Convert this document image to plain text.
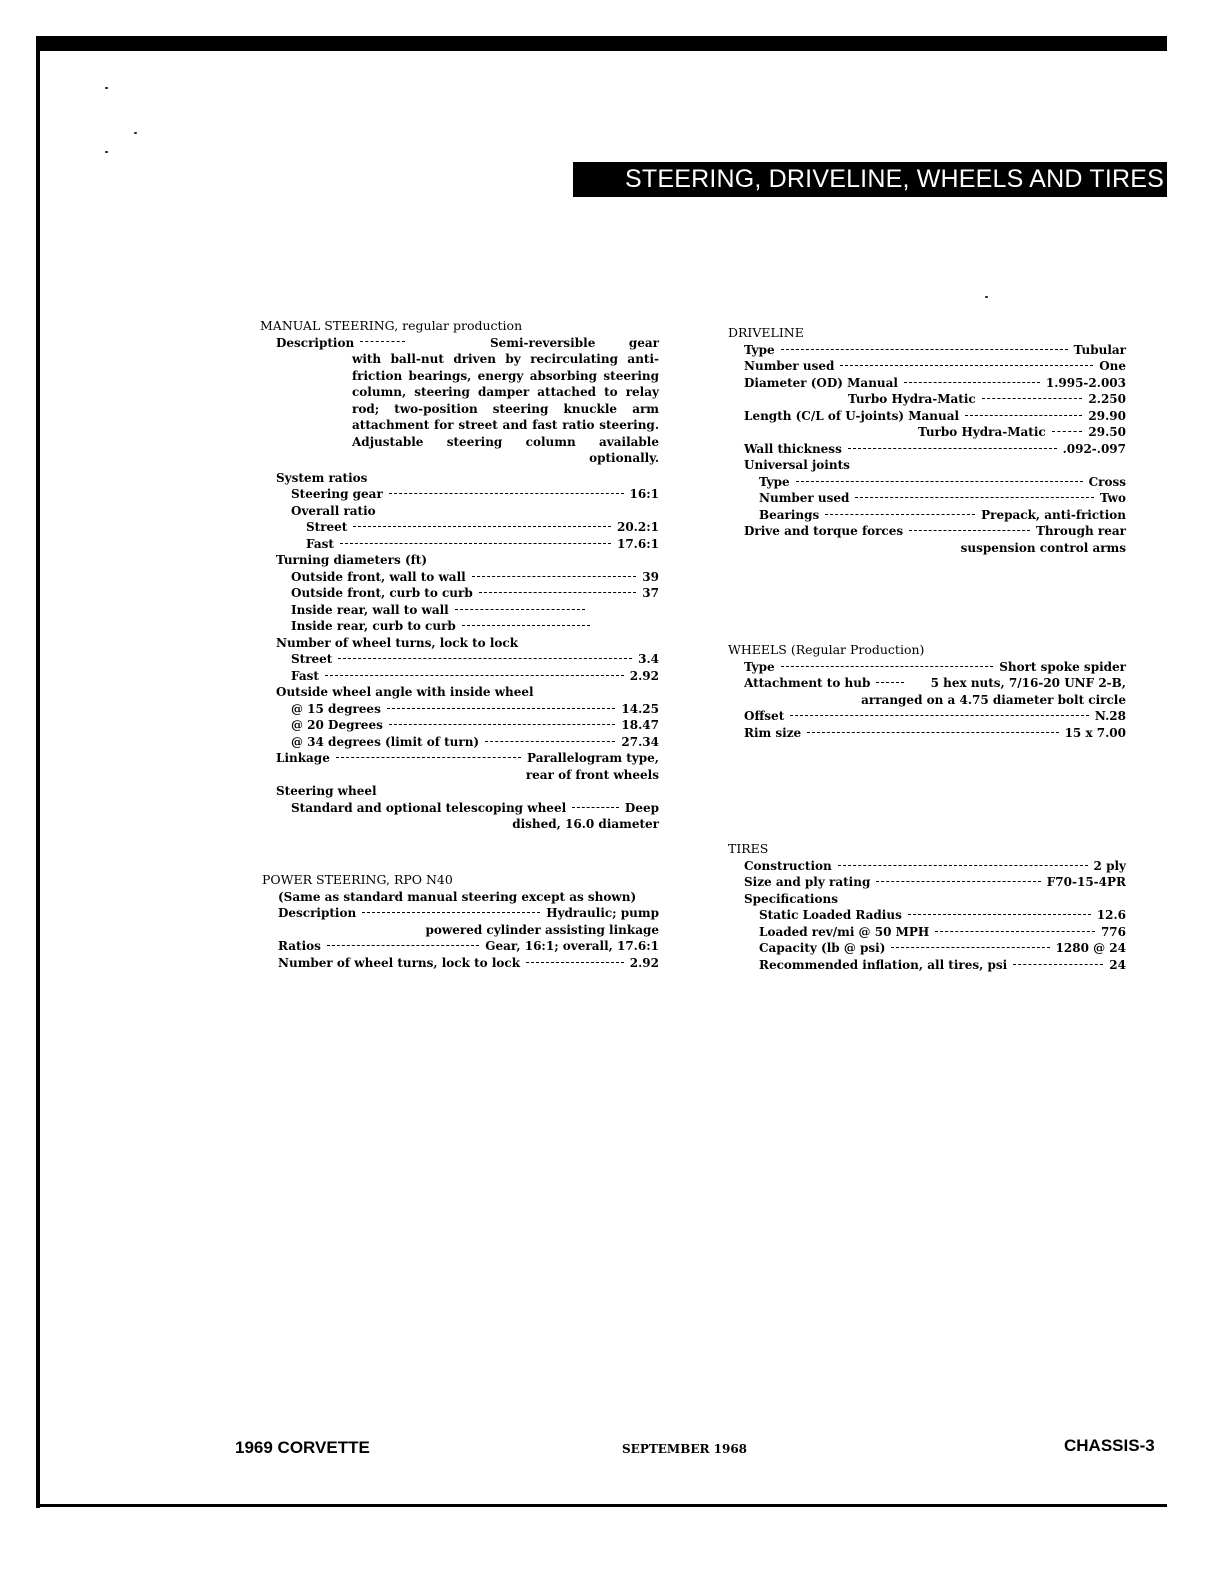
STEERING, DRIVELINE, WHEELS AND TIRES
MANUAL STEERING, regular production
Description	Semi-reversible gear with ball-nut driven by recirculating anti-friction bearings, energy absorbing steering column, steering damper attached to relay rod; two-position steering knuckle arm attachment for street and fast ratio steering. Adjustable steering column available optionally.
System ratios
Steering gear	16:1
Overall ratio
Street	20.2:1
Fast	17.6:1
Turning diameters (ft)
Outside front, wall to wall	39
Outside front, curb to curb	37
Inside rear, wall to wall
Inside rear, curb to curb
Number of wheel turns, lock to lock
Street	3.4
Fast	2.92
Outside wheel angle with inside wheel
@ 15 degrees	14.25
@ 20 Degrees	18.47
@ 34 degrees (limit of turn)	27.34
Linkage	Parallelogram type,
rear of front wheels
Steering wheel
Standard and optional telescoping wheel	Deep
dished, 16.0 diameter
POWER STEERING, RPO N40
(Same as standard manual steering except as shown)
Description	Hydraulic; pump
powered cylinder assisting linkage
Ratios	Gear, 16:1; overall, 17.6:1
Number of wheel turns, lock to lock	2.92
DRIVELINE
Type	Tubular
Number used	One
Diameter (OD) Manual	1.995-2.003
Turbo Hydra-Matic	2.250
Length (C/L of U-joints) Manual	29.90
Turbo Hydra-Matic	29.50
Wall thickness	.092-.097
Universal joints
Type	Cross
Number used	Two
Bearings	Prepack, anti-friction
Drive and torque forces	Through rear
suspension control arms
WHEELS (Regular Production)
Type	Short spoke spider
Attachment to hub	5 hex nuts, 7/16-20 UNF 2-B,
arranged on a 4.75 diameter bolt circle
Offset	N.28
Rim size	15 x 7.00
TIRES
Construction	2 ply
Size and ply rating	F70-15-4PR
Specifications
Static Loaded Radius	12.6
Loaded rev/mi @ 50 MPH	776
Capacity (lb @ psi)	1280 @ 24
Recommended inflation, all tires, psi	24
1969 CORVETTE	SEPTEMBER 1968	CHASSIS-3
